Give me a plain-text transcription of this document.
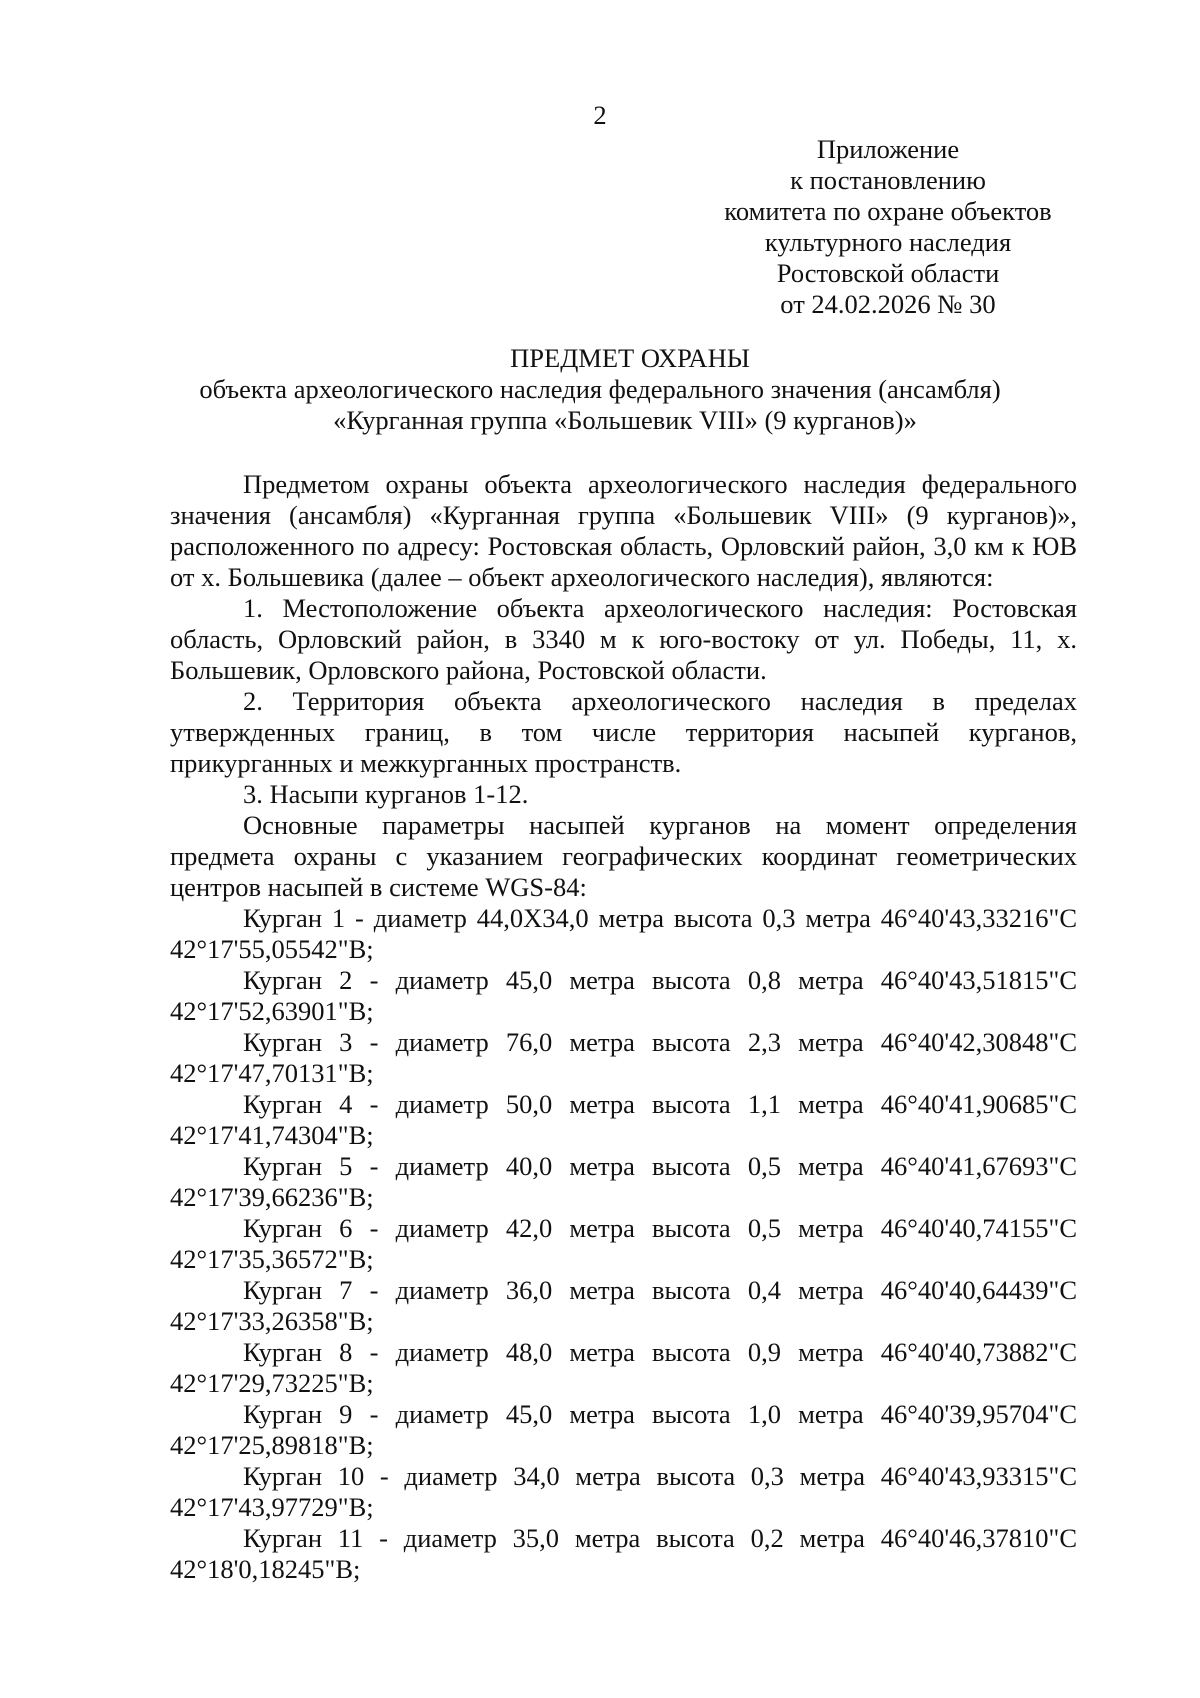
2

Приложение
к постановлению
комитета по охране объектов
культурного наследия
Ростовской области
от 24.02.2026 № 30
ПРЕДМЕТ ОХРАНЫ
объекта археологического наследия федерального значения (ансамбля)
«Курганная группа «Большевик VIII» (9 курганов)»

Предметом охраны объекта археологического наследия федерального значения (ансамбля) «Курганная группа «Большевик VIII» (9 курганов)», расположенного по адресу: Ростовская область, Орловский район, 3,0 км к ЮВ от х. Большевика (далее – объект археологического наследия), являются:

1. Местоположение объекта археологического наследия: Ростовская область, Орловский район, в 3340 м к юго-востоку от ул. Победы, 11, х. Большевик, Орловского района, Ростовской области.

2. Территория объекта археологического наследия в пределах утвержденных границ, в том числе территория насыпей курганов, прикурганных и межкурганных пространств.

3. Насыпи курганов 1-12.

Основные параметры насыпей курганов на момент определения предмета охраны с указанием географических координат геометрических центров насыпей в системе WGS-84:

Курган 1 - диаметр 44,0Х34,0 метра высота 0,3 метра 46°40'43,33216"С 42°17'55,05542"В;

Курган 2 - диаметр 45,0 метра высота 0,8 метра 46°40'43,51815"С 42°17'52,63901"В;

Курган 3 - диаметр 76,0 метра высота 2,3 метра 46°40'42,30848"С 42°17'47,70131"В;

Курган 4 - диаметр 50,0 метра высота 1,1 метра 46°40'41,90685"С 42°17'41,74304"В;

Курган 5 - диаметр 40,0 метра высота 0,5 метра 46°40'41,67693"С 42°17'39,66236"В;

Курган 6 - диаметр 42,0 метра высота 0,5 метра 46°40'40,74155"С 42°17'35,36572"В;

Курган 7 - диаметр 36,0 метра высота 0,4 метра 46°40'40,64439"С 42°17'33,26358"В;

Курган 8 - диаметр 48,0 метра высота 0,9 метра 46°40'40,73882"С 42°17'29,73225"В;

Курган 9 - диаметр 45,0 метра высота 1,0 метра 46°40'39,95704"С 42°17'25,89818"В;

Курган 10 - диаметр 34,0 метра высота 0,3 метра 46°40'43,93315"С 42°17'43,97729"В;

Курган 11 - диаметр 35,0 метра высота 0,2 метра 46°40'46,37810"С 42°18'0,18245"В;
